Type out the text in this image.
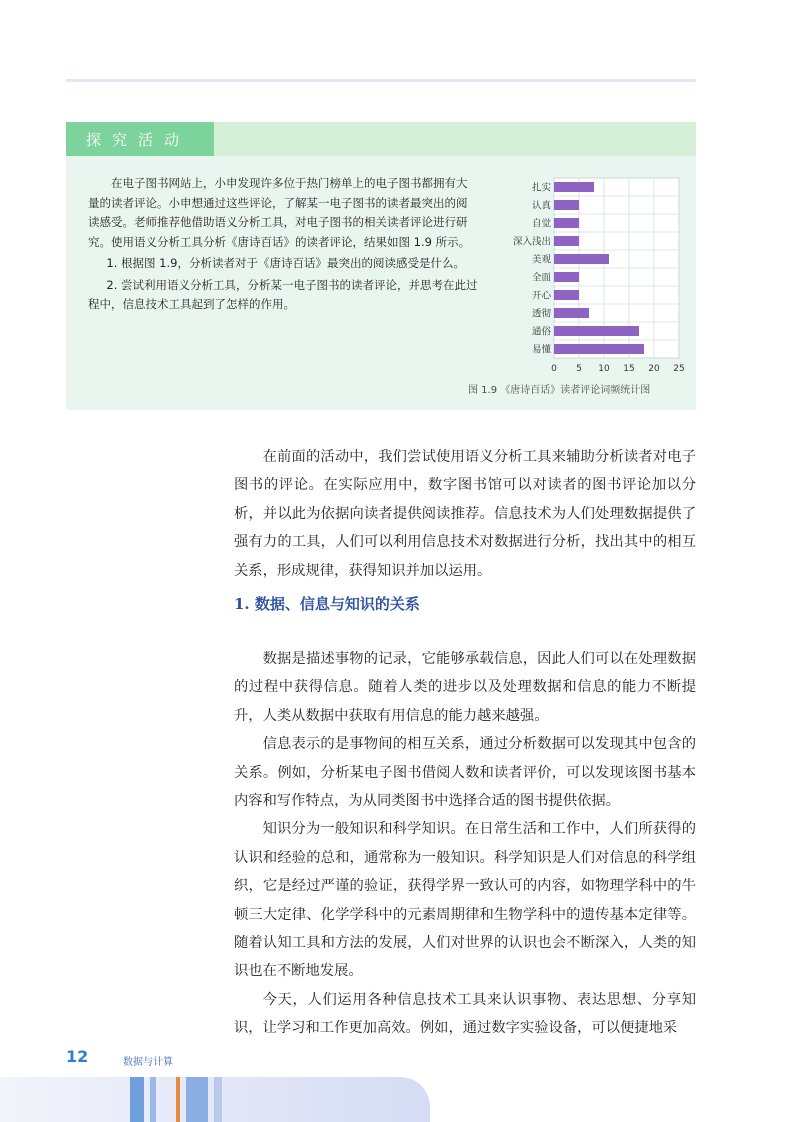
探究活动

在电子图书网站上，小申发现许多位于热门榜单上的电子图书都拥有大量的读者评论。小申想通过这些评论，了解某一电子图书的读者最突出的阅读感受。老师推荐他借助语义分析工具，对电子图书的相关读者评论进行研究。使用语义分析工具分析《唐诗百话》的读者评论，结果如图 1.9 所示。

1. 根据图 1.9，分析读者对于《唐诗百话》最突出的阅读感受是什么。

2. 尝试利用语义分析工具，分析某一电子图书的读者评论，并思考在此过程中，信息技术工具起到了怎样的作用。

0 5 10 15 20 25
扎实
认真
自觉
深入浅出
美观
全面
开心
透彻
通俗
易懂
图 1.9 《唐诗百话》读者评论词频统计图

在前面的活动中，我们尝试使用语义分析工具来辅助分析读者对电子图书的评论。在实际应用中，数字图书馆可以对读者的图书评论加以分析，并以此为依据向读者提供阅读推荐。信息技术为人们处理数据提供了强有力的工具，人们可以利用信息技术对数据进行分析，找出其中的相互关系，形成规律，获得知识并加以运用。

1. 数据、信息与知识的关系

数据是描述事物的记录，它能够承载信息，因此人们可以在处理数据的过程中获得信息。随着人类的进步以及处理数据和信息的能力不断提升，人类从数据中获取有用信息的能力越来越强。

信息表示的是事物间的相互关系，通过分析数据可以发现其中包含的关系。例如，分析某电子图书借阅人数和读者评价，可以发现该图书基本内容和写作特点，为从同类图书中选择合适的图书提供依据。

知识分为一般知识和科学知识。在日常生活和工作中，人们所获得的认识和经验的总和，通常称为一般知识。科学知识是人们对信息的科学组织，它是经过严谨的验证，获得学界一致认可的内容，如物理学科中的牛顿三大定律、化学学科中的元素周期律和生物学科中的遗传基本定律等。随着认知工具和方法的发展，人们对世界的认识也会不断深入，人类的知识也在不断地发展。

今天，人们运用各种信息技术工具来认识事物、表达思想、分享知识，让学习和工作更加高效。例如，通过数字实验设备，可以便捷地采

12	数据与计算
